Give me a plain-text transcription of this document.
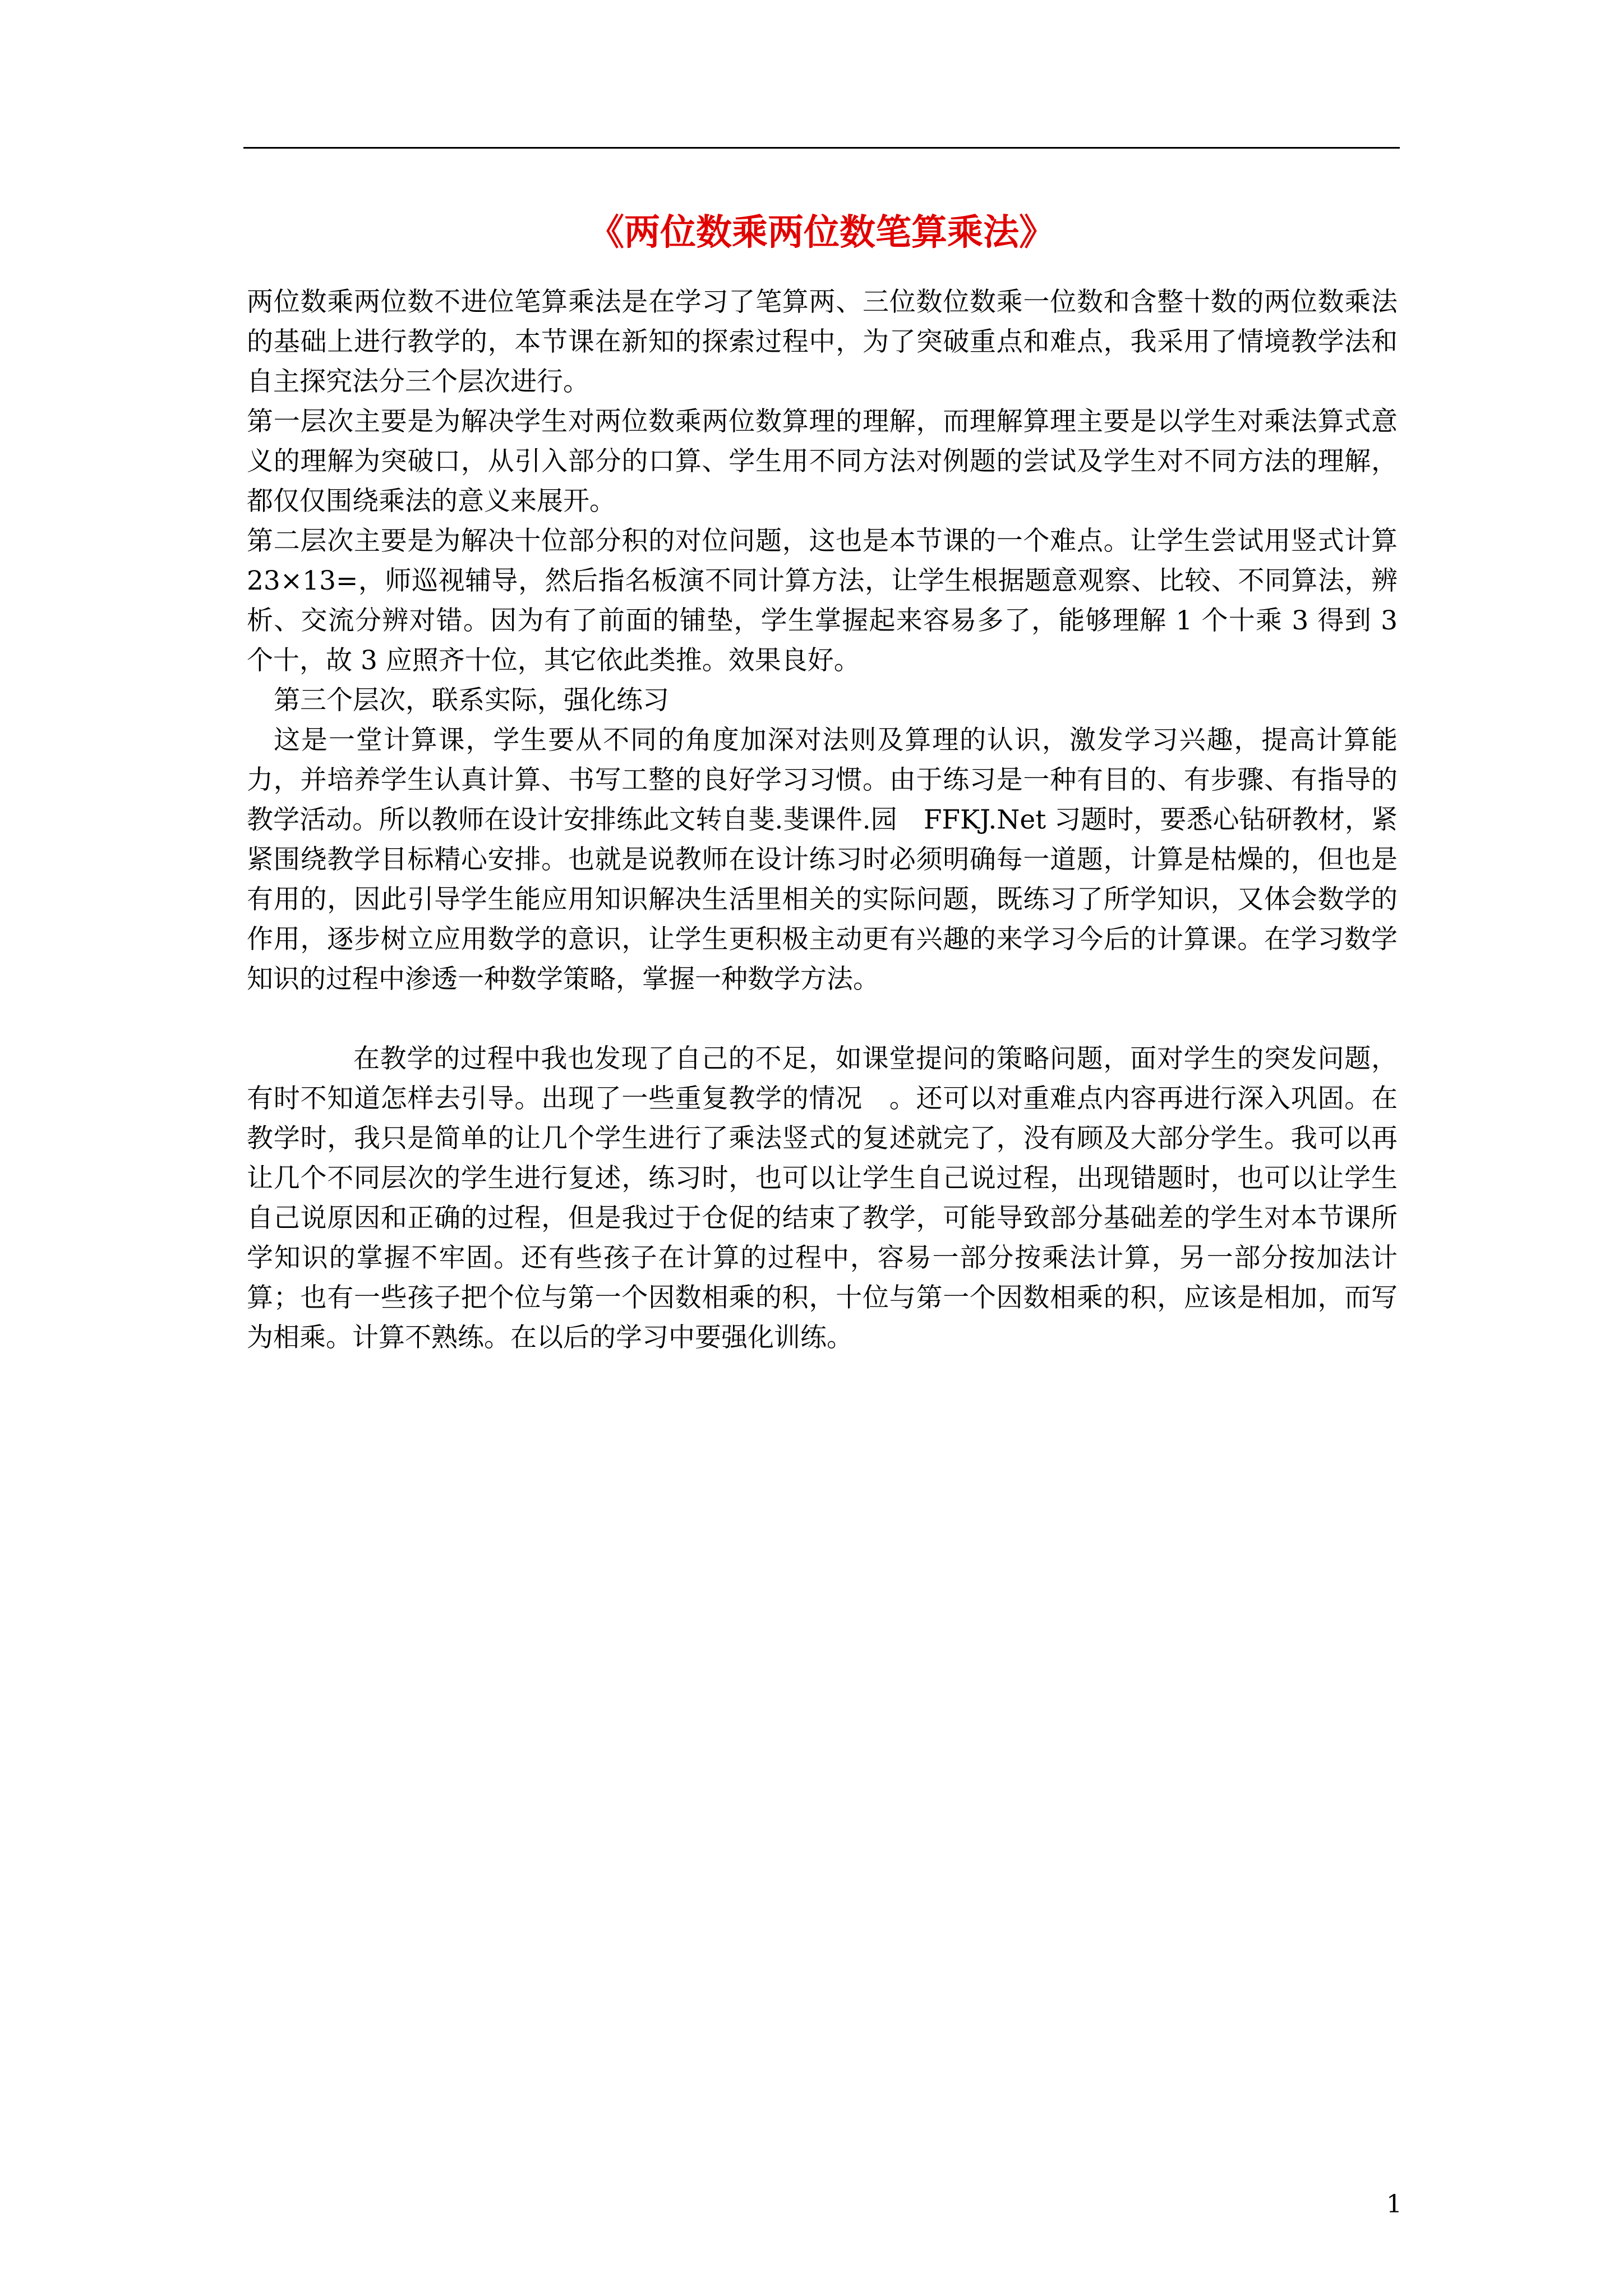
《两位数乘两位数笔算乘法》

两位数乘两位数不进位笔算乘法是在学习了笔算两、三位数位数乘一位数和含整十数的两位数乘法的基础上进行教学的，本节课在新知的探索过程中，为了突破重点和难点，我采用了情境教学法和自主探究法分三个层次进行。

第一层次主要是为解决学生对两位数乘两位数算理的理解，而理解算理主要是以学生对乘法算式意义的理解为突破口，从引入部分的口算、学生用不同方法对例题的尝试及学生对不同方法的理解，都仅仅围绕乘法的意义来展开。

第二层次主要是为解决十位部分积的对位问题，这也是本节课的一个难点。让学生尝试用竖式计算 23×13=，师巡视辅导，然后指名板演不同计算方法，让学生根据题意观察、比较、不同算法，辨析、交流分辨对错。因为有了前面的铺垫，学生掌握起来容易多了，能够理解 1 个十乘 3 得到 3 个十，故 3 应照齐十位，其它依此类推。效果良好。

第三个层次，联系实际，强化练习

这是一堂计算课，学生要从不同的角度加深对法则及算理的认识，激发学习兴趣，提高计算能力，并培养学生认真计算、书写工整的良好学习习惯。由于练习是一种有目的、有步骤、有指导的教学活动。所以教师在设计安排练此文转自斐.斐课件.园　FFKJ.Net 习题时，要悉心钻研教材，紧紧围绕教学目标精心安排。也就是说教师在设计练习时必须明确每一道题，计算是枯燥的，但也是有用的，因此引导学生能应用知识解决生活里相关的实际问题，既练习了所学知识，又体会数学的作用，逐步树立应用数学的意识，让学生更积极主动更有兴趣的来学习今后的计算课。在学习数学知识的过程中渗透一种数学策略，掌握一种数学方法。

在教学的过程中我也发现了自己的不足，如课堂提问的策略问题，面对学生的突发问题，有时不知道怎样去引导。出现了一些重复教学的情况　。还可以对重难点内容再进行深入巩固。在教学时，我只是简单的让几个学生进行了乘法竖式的复述就完了，没有顾及大部分学生。我可以再让几个不同层次的学生进行复述，练习时，也可以让学生自己说过程，出现错题时，也可以让学生自己说原因和正确的过程，但是我过于仓促的结束了教学，可能导致部分基础差的学生对本节课所学知识的掌握不牢固。还有些孩子在计算的过程中，容易一部分按乘法计算，另一部分按加法计算；也有一些孩子把个位与第一个因数相乘的积，十位与第一个因数相乘的积，应该是相加，而写为相乘。计算不熟练。在以后的学习中要强化训练。

1
